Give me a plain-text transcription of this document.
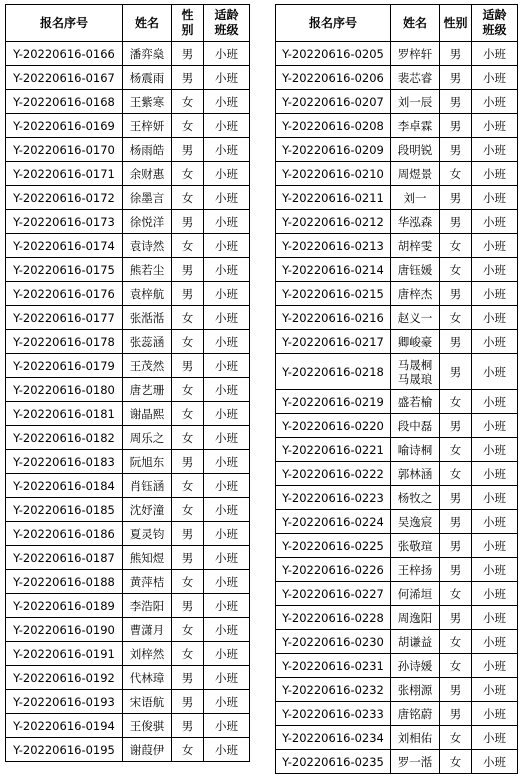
报名序号	姓名	性
别	适龄
班级

Y-20220616-0166	潘弈燊	男	小班
Y-20220616-0167	杨震雨	男	小班
Y-20220616-0168	王紫寒	女	小班
Y-20220616-0169	王梓妍	女	小班
Y-20220616-0170	杨雨皓	男	小班
Y-20220616-0171	余财惠	女	小班
Y-20220616-0172	徐墨言	女	小班
Y-20220616-0173	徐悦洋	男	小班
Y-20220616-0174	袁诗然	女	小班
Y-20220616-0175	熊若尘	男	小班
Y-20220616-0176	袁梓航	男	小班
Y-20220616-0177	张湉湉	女	小班
Y-20220616-0178	张蕊涵	女	小班
Y-20220616-0179	王茂然	男	小班
Y-20220616-0180	唐艺珊	女	小班
Y-20220616-0181	谢晶熙	女	小班
Y-20220616-0182	周乐之	女	小班
Y-20220616-0183	阮旭东	男	小班
Y-20220616-0184	肖钰涵	女	小班
Y-20220616-0185	沈妤潼	女	小班
Y-20220616-0186	夏灵钧	男	小班
Y-20220616-0187	熊知煜	男	小班
Y-20220616-0188	黄萍桔	女	小班
Y-20220616-0189	李浩阳	男	小班
Y-20220616-0190	曹潇月	女	小班
Y-20220616-0191	刘梓然	女	小班
Y-20220616-0192	代林璋	男	小班
Y-20220616-0193	宋语航	男	小班
Y-20220616-0194	王俊骐	男	小班
Y-20220616-0195	谢葭伊	女	小班
报名序号	姓名	性别	适龄
班级

Y-20220616-0205	罗梓轩	男	小班
Y-20220616-0206	裴芯睿	男	小班
Y-20220616-0207	刘一辰	男	小班
Y-20220616-0208	李卓霖	男	小班
Y-20220616-0209	段明锐	男	小班
Y-20220616-0210	周煜景	女	小班
Y-20220616-0211	刘一	男	小班
Y-20220616-0212	华泓森	男	小班
Y-20220616-0213	胡梓雯	女	小班
Y-20220616-0214	唐钰媛	女	小班
Y-20220616-0215	唐梓杰	男	小班
Y-20220616-0216	赵义一	女	小班
Y-20220616-0217	卿峻豪	男	小班
Y-20220616-0218	马晟桐
马晟琅	男	小班
Y-20220616-0219	盛若榆	女	小班
Y-20220616-0220	段中磊	男	小班
Y-20220616-0221	喻诗桐	女	小班
Y-20220616-0222	郭林涵	女	小班
Y-20220616-0223	杨牧之	男	小班
Y-20220616-0224	吴逸宸	男	小班
Y-20220616-0225	张敬瑄	男	小班
Y-20220616-0226	王梓扬	男	小班
Y-20220616-0227	何浠垣	女	小班
Y-20220616-0228	周逸阳	男	小班
Y-20220616-0230	胡谦益	女	小班
Y-20220616-0231	孙诗媛	女	小班
Y-20220616-0232	张栩源	男	小班
Y-20220616-0233	唐铭蔚	男	小班
Y-20220616-0234	刘相佑	女	小班
Y-20220616-0235	罗一湉	女	小班
